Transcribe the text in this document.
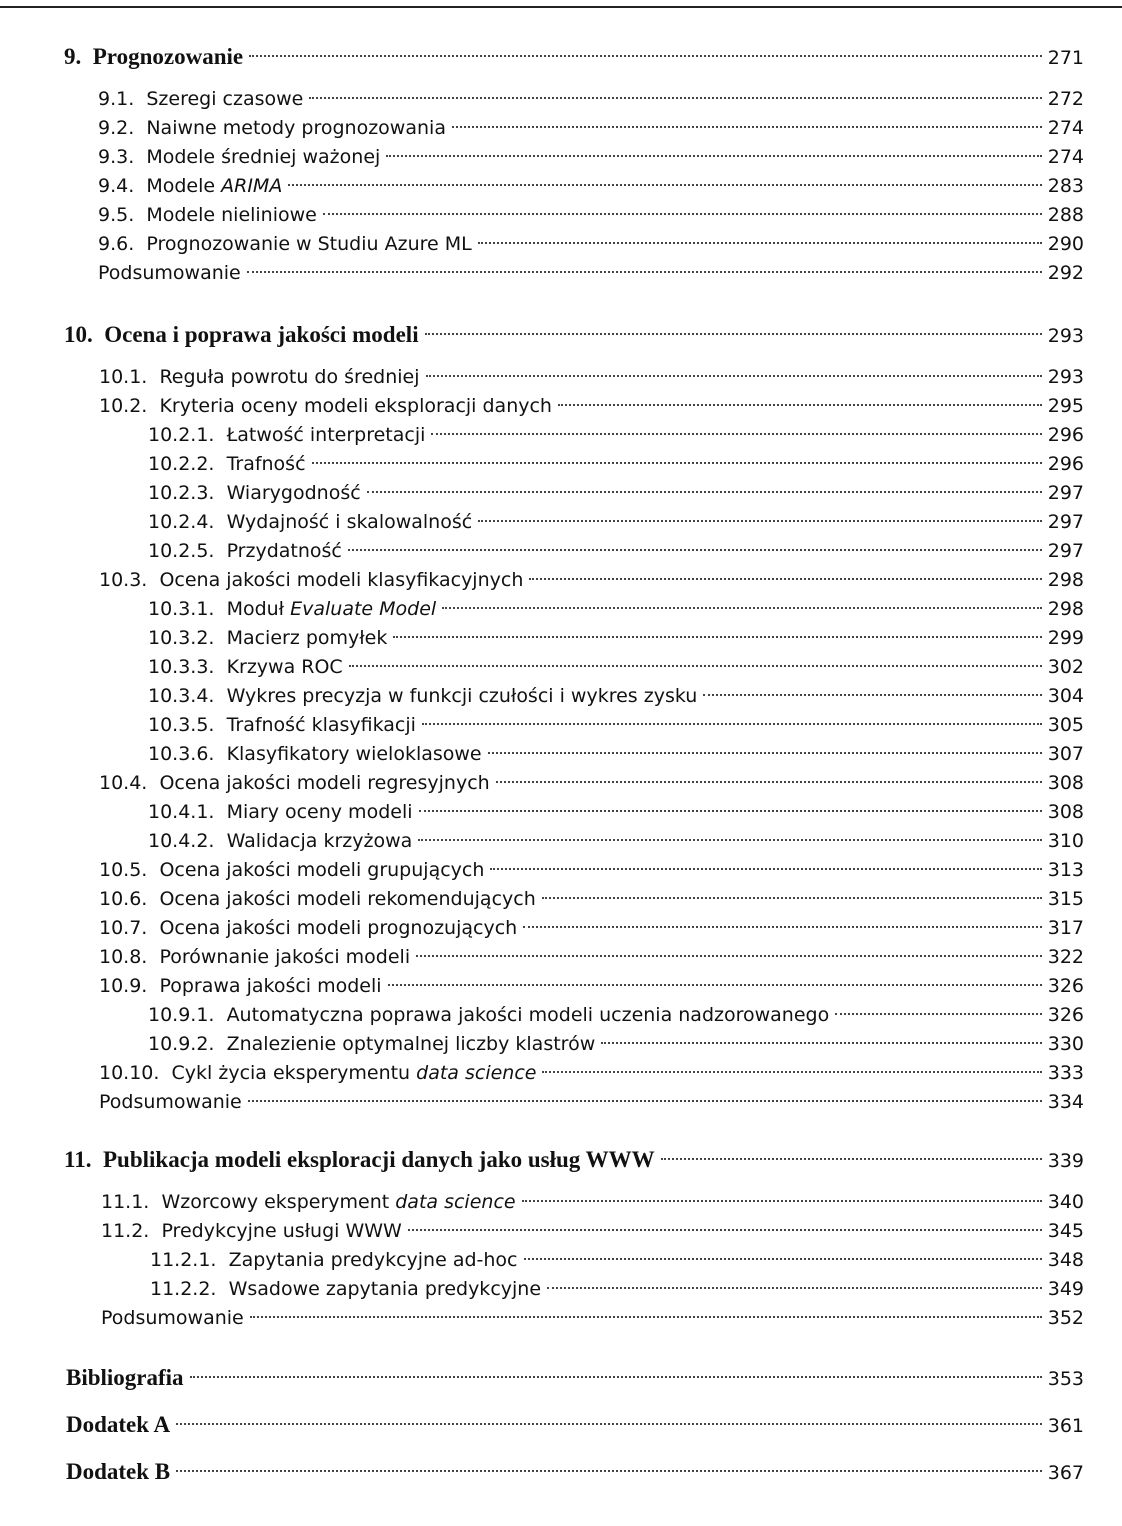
9. Prognozowanie	271
9.1. Szeregi czasowe	272
9.2. Naiwne metody prognozowania	274
9.3. Modele średniej ważonej	274
9.4. Modele ARIMA	283
9.5. Modele nieliniowe	288
9.6. Prognozowanie w Studiu Azure ML	290
Podsumowanie	292
10. Ocena i poprawa jakości modeli	293
10.1. Reguła powrotu do średniej	293
10.2. Kryteria oceny modeli eksploracji danych	295
10.2.1. Łatwość interpretacji	296
10.2.2. Trafność	296
10.2.3. Wiarygodność	297
10.2.4. Wydajność i skalowalność	297
10.2.5. Przydatność	297
10.3. Ocena jakości modeli klasyfikacyjnych	298
10.3.1. Moduł Evaluate Model	298
10.3.2. Macierz pomyłek	299
10.3.3. Krzywa ROC	302
10.3.4. Wykres precyzja w funkcji czułości i wykres zysku	304
10.3.5. Trafność klasyfikacji	305
10.3.6. Klasyfikatory wieloklasowe	307
10.4. Ocena jakości modeli regresyjnych	308
10.4.1. Miary oceny modeli	308
10.4.2. Walidacja krzyżowa	310
10.5. Ocena jakości modeli grupujących	313
10.6. Ocena jakości modeli rekomendujących	315
10.7. Ocena jakości modeli prognozujących	317
10.8. Porównanie jakości modeli	322
10.9. Poprawa jakości modeli	326
10.9.1. Automatyczna poprawa jakości modeli uczenia nadzorowanego	326
10.9.2. Znalezienie optymalnej liczby klastrów	330
10.10. Cykl życia eksperymentu data science	333
Podsumowanie	334
11. Publikacja modeli eksploracji danych jako usług WWW	339
11.1. Wzorcowy eksperyment data science	340
11.2. Predykcyjne usługi WWW	345
11.2.1. Zapytania predykcyjne ad-hoc	348
11.2.2. Wsadowe zapytania predykcyjne	349
Podsumowanie	352
Bibliografia	353
Dodatek A	361
Dodatek B	367
